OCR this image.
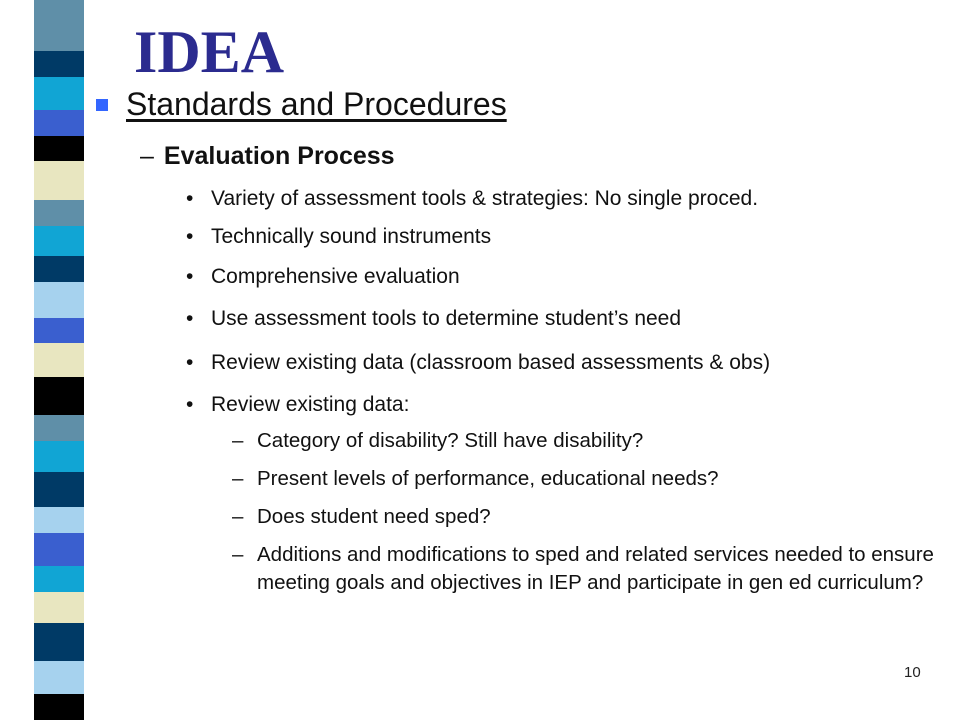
IDEA
Standards and Procedures
– Evaluation Process
• Variety of assessment tools & strategies: No single proced.
• Technically sound instruments
• Comprehensive evaluation
• Use assessment tools to determine student’s need
• Review existing data (classroom based assessments & obs)
• Review existing data:
– Category of disability? Still have disability?
– Present levels of performance, educational needs?
– Does student need sped?
– Additions and modifications to sped and related services needed to ensure meeting goals and objectives in IEP and participate in gen ed curriculum?
10
